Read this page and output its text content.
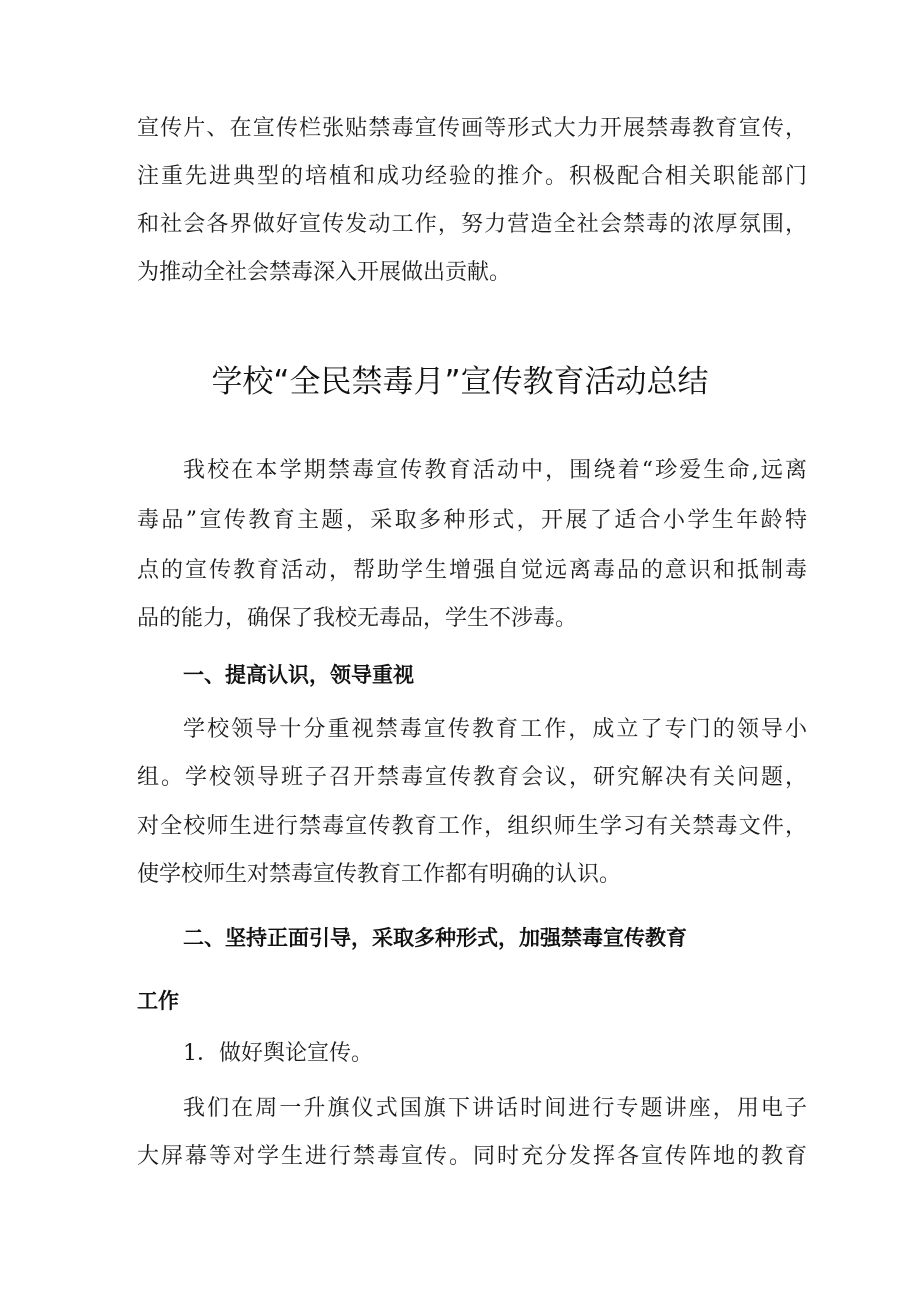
宣传片、在宣传栏张贴禁毒宣传画等形式大力开展禁毒教育宣传，
注重先进典型的培植和成功经验的推介。积极配合相关职能部门
和社会各界做好宣传发动工作，努力营造全社会禁毒的浓厚氛围，
为推动全社会禁毒深入开展做出贡献。
学校“全民禁毒月”宣传教育活动总结
我校在本学期禁毒宣传教育活动中，围绕着“珍爱生命,远离
毒品”宣传教育主题，采取多种形式，开展了适合小学生年龄特
点的宣传教育活动，帮助学生增强自觉远离毒品的意识和抵制毒
品的能力，确保了我校无毒品，学生不涉毒。
一、提高认识，领导重视
学校领导十分重视禁毒宣传教育工作，成立了专门的领导小
组。学校领导班子召开禁毒宣传教育会议，研究解决有关问题，
对全校师生进行禁毒宣传教育工作，组织师生学习有关禁毒文件，
使学校师生对禁毒宣传教育工作都有明确的认识。
二、坚持正面引导，采取多种形式，加强禁毒宣传教育
工作
1．做好舆论宣传。
我们在周一升旗仪式国旗下讲话时间进行专题讲座，用电子
大屏幕等对学生进行禁毒宣传。同时充分发挥各宣传阵地的教育
